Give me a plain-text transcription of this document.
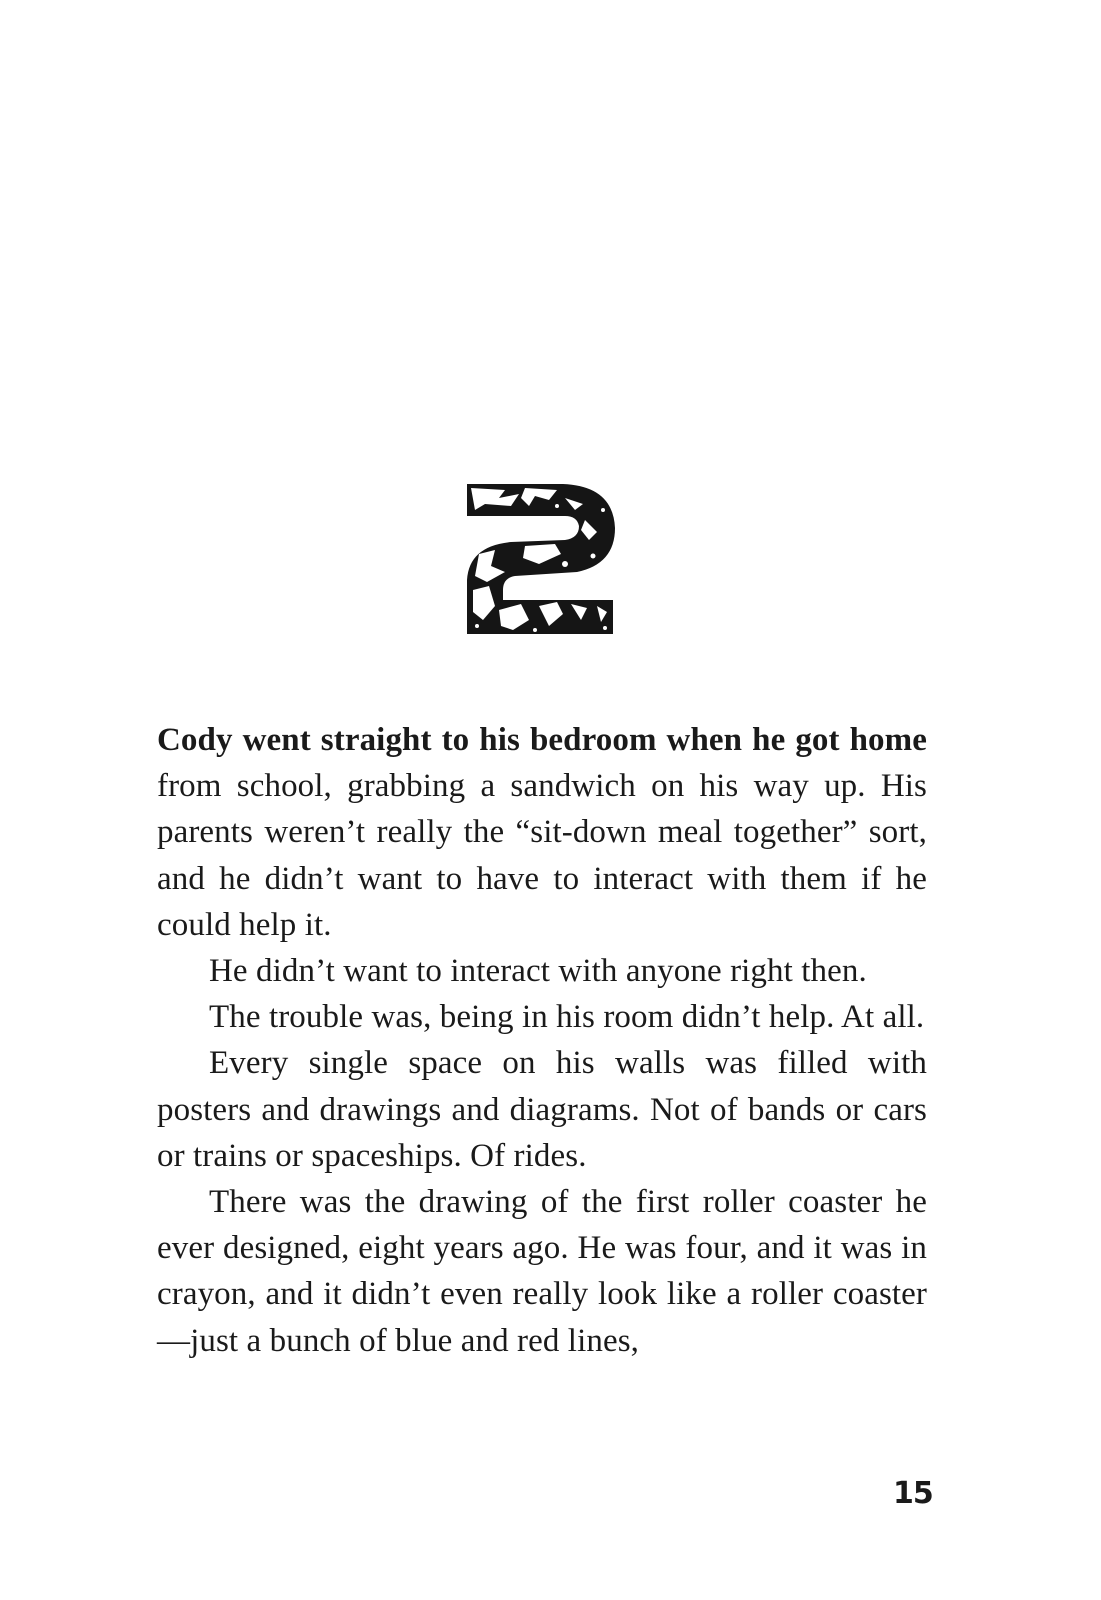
Cody went straight to his bedroom when he got home from school, grabbing a sandwich on his way up. His parents weren’t really the “sit-down meal together” sort, and he didn’t want to have to interact with them if he could help it.

He didn’t want to interact with anyone right then.

The trouble was, being in his room didn’t help. At all.

Every single space on his walls was filled with posters and drawings and diagrams. Not of bands or cars or trains or spaceships. Of rides.

There was the drawing of the first roller coaster he ever designed, eight years ago. He was four, and it was in crayon, and it didn’t even really look like a roller coaster—just a bunch of blue and red lines,

15
